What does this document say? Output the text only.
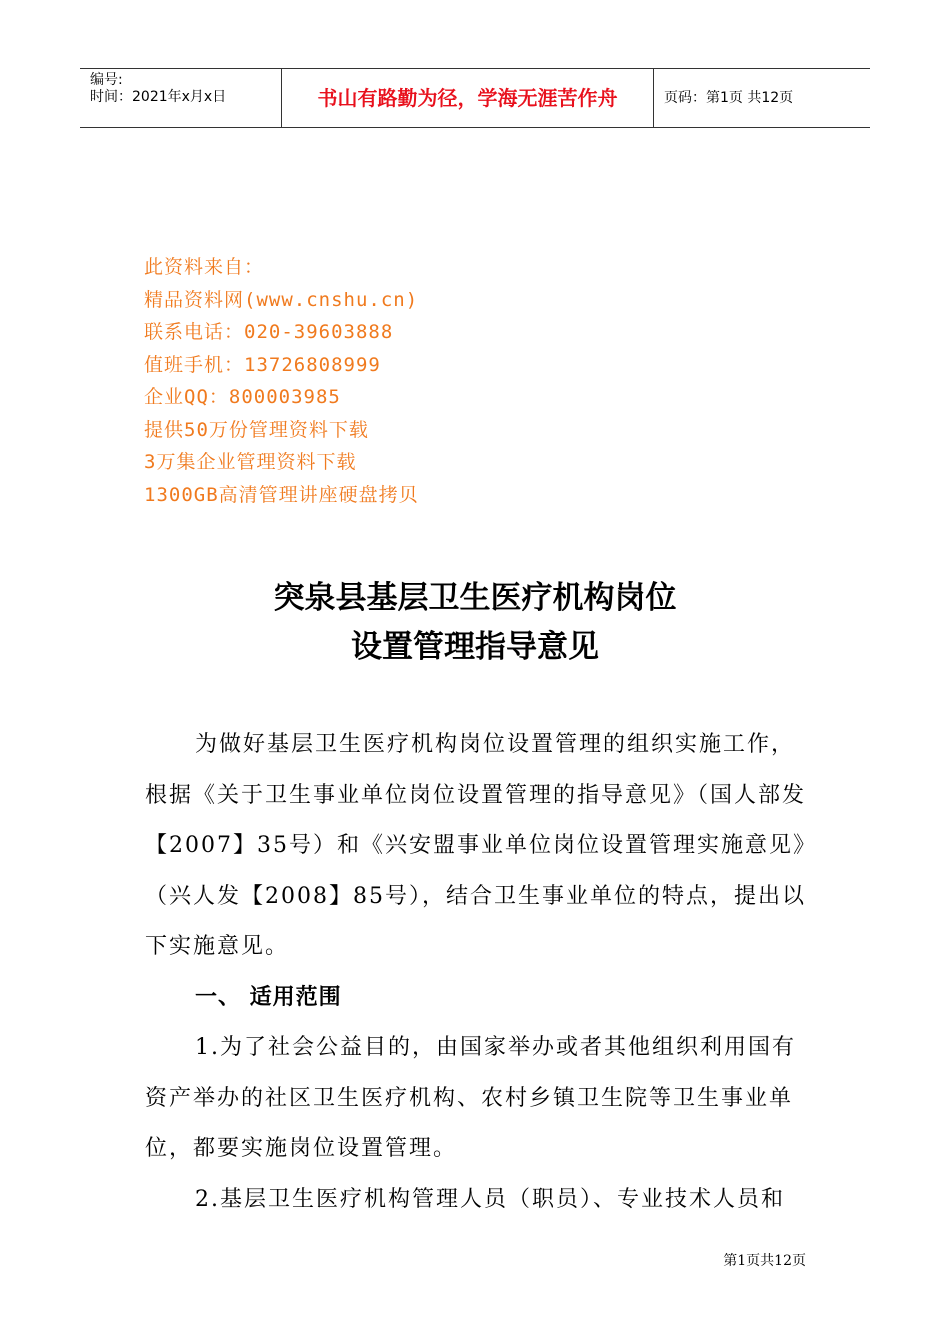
编号:
时间：2021年x月x日	书山有路勤为径，学海无涯苦作舟	页码：第1页 共12页
此资料来自：
精品资料网(www.cnshu.cn)
联系电话：020-39603888
值班手机：13726808999
企业QQ：800003985
提供50万份管理资料下载
3万集企业管理资料下载
1300GB高清管理讲座硬盘拷贝
突泉县基层卫生医疗机构岗位
设置管理指导意见

为做好基层卫生医疗机构岗位设置管理的组织实施工作，根据《关于卫生事业单位岗位设置管理的指导意见》（国人部发【2007】35号）和《兴安盟事业单位岗位设置管理实施意见》（兴人发【2008】85号），结合卫生事业单位的特点，提出以下实施意见。

一、 适用范围

1.为了社会公益目的，由国家举办或者其他组织利用国有资产举办的社区卫生医疗机构、农村乡镇卫生院等卫生事业单位，都要实施岗位设置管理。

2.基层卫生医疗机构管理人员（职员）、专业技术人员和

第1页共12页
